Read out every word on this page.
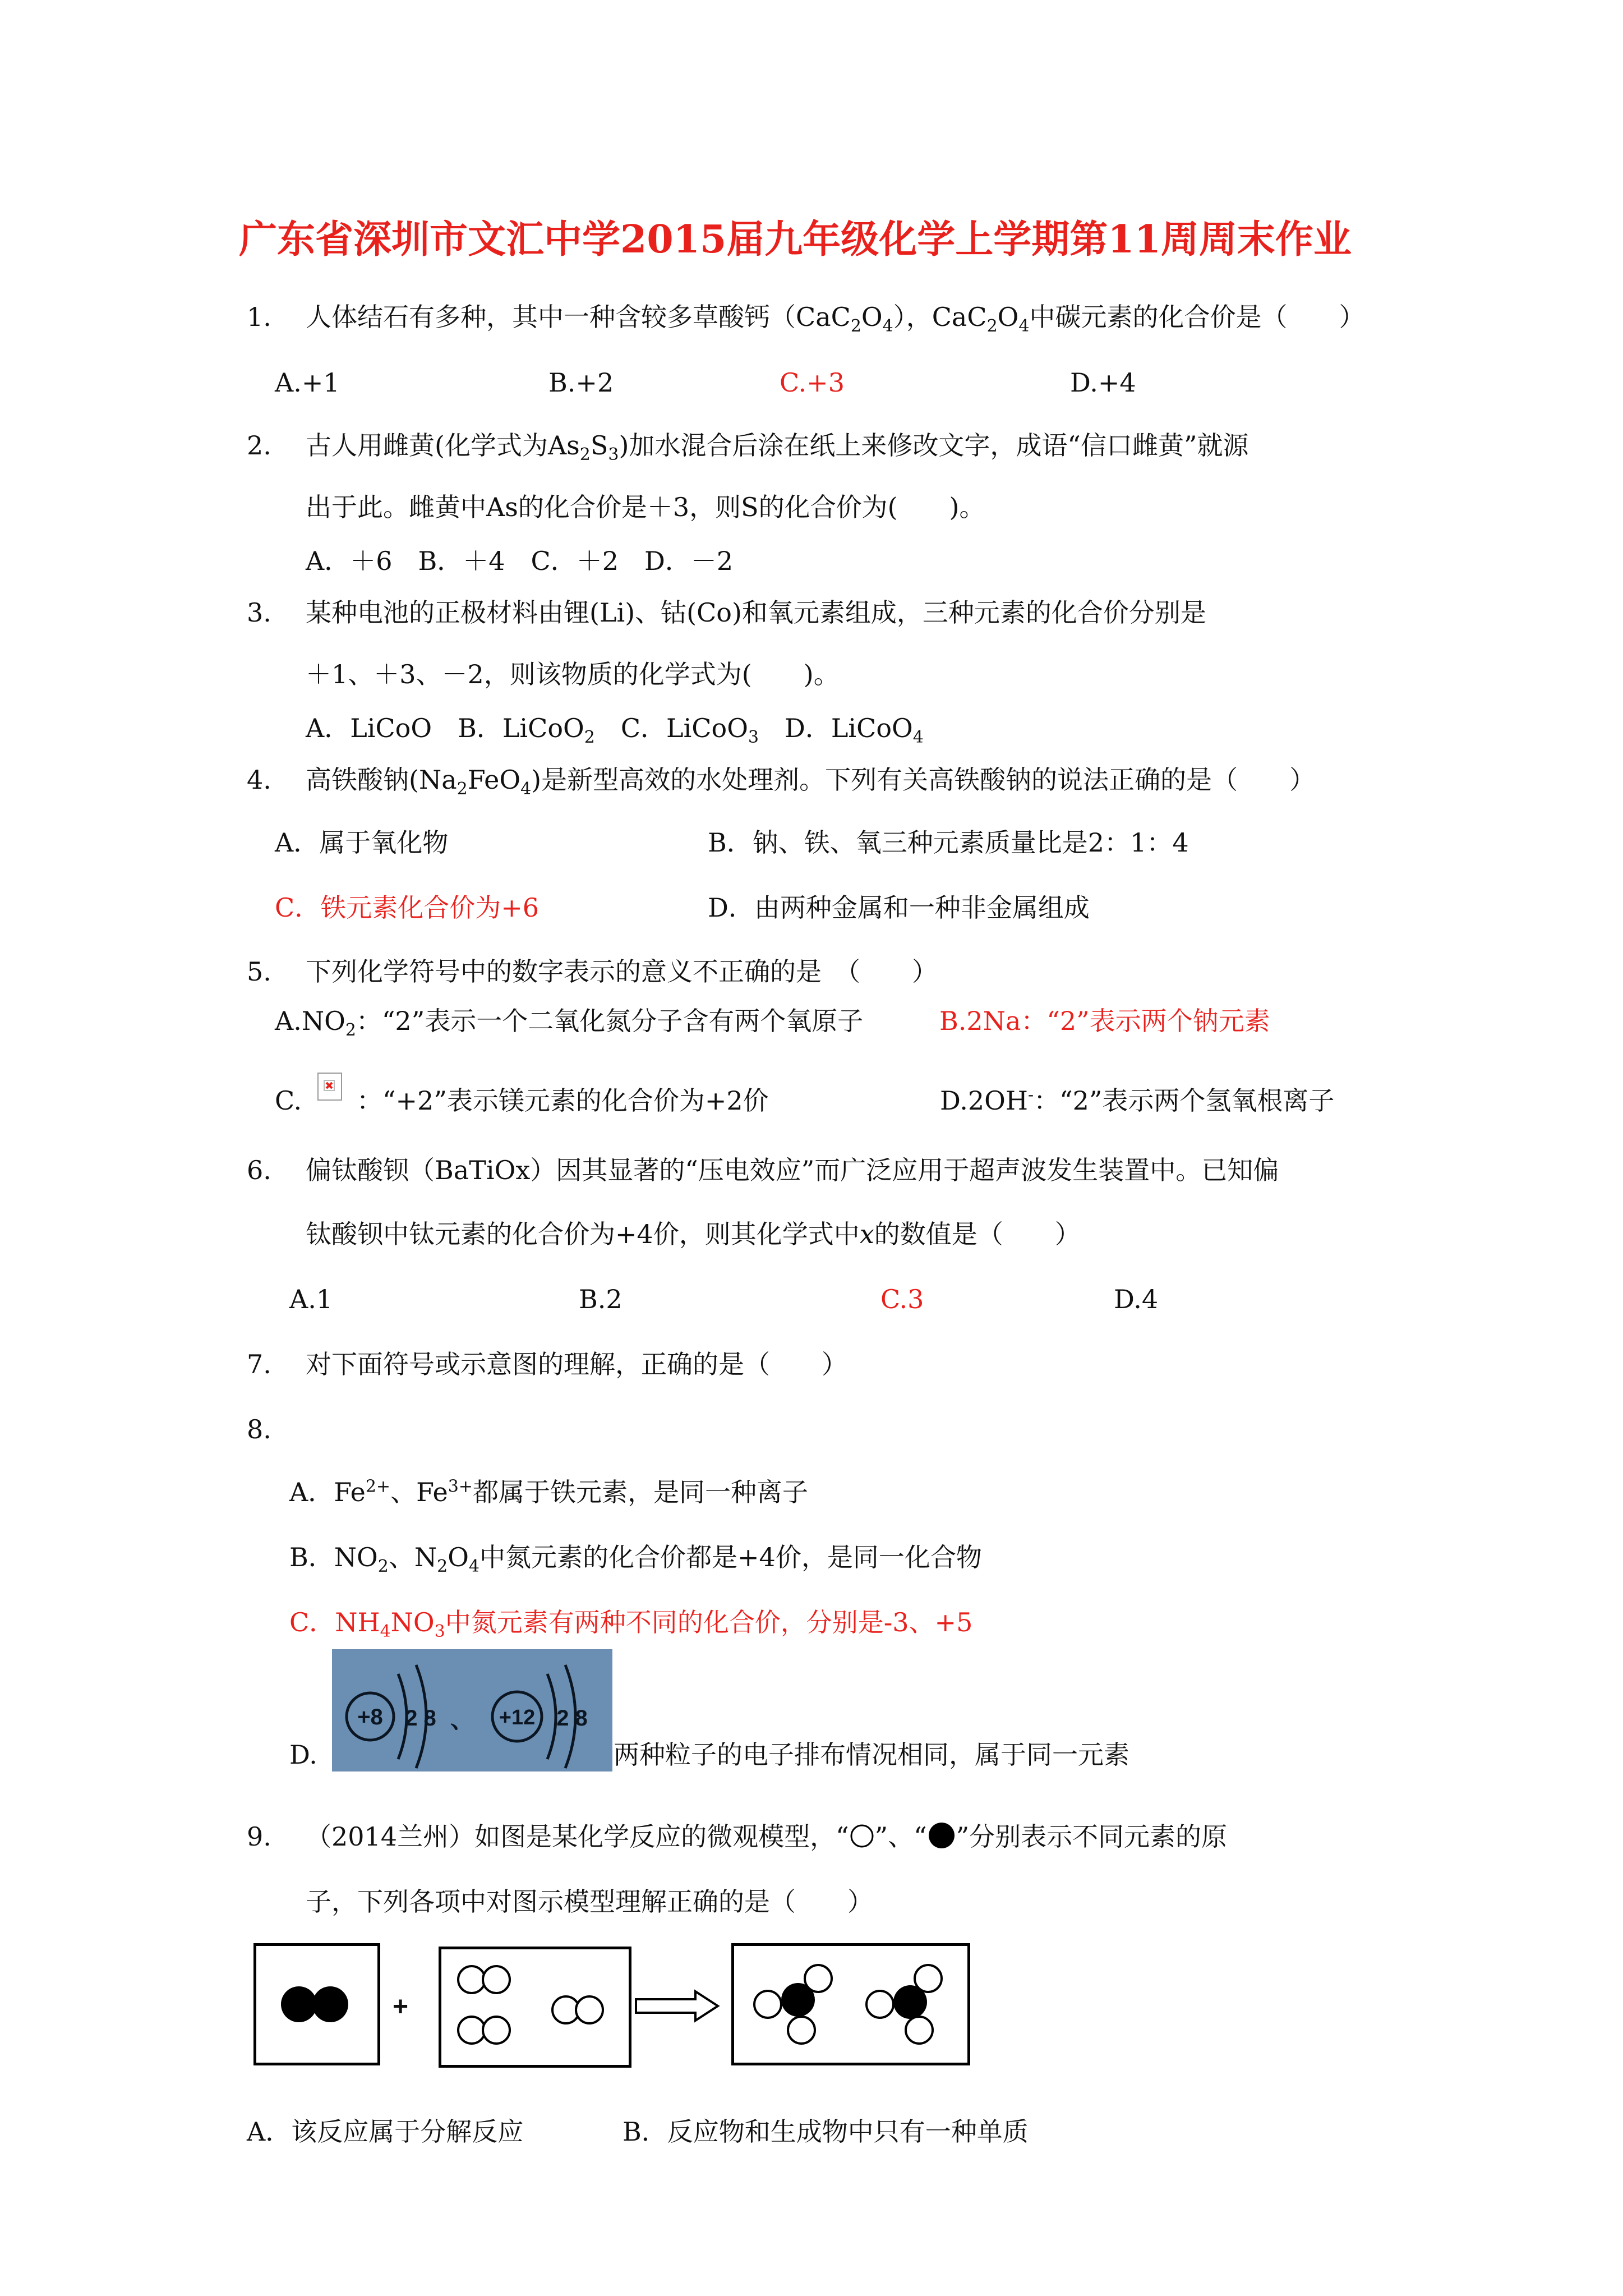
广东省深圳市文汇中学2015届九年级化学上学期第11周周末作业
1. 人体结石有多种，其中一种含较多草酸钙$(CaC_2O_4)$，$CaC_2O_4$中碳元素的化合价是（　　）
A.+1	B.+2	C.+3	D.+4
2. 古人用雌黄(化学式为$As_2S_3$)加水混合后涂在纸上来修改文字，成语“信口雌黄”就源
出于此。雌黄中As的化合价是＋3，则S的化合价为(　　)。
A．＋6　B．＋4　C．＋2　D．－2
3. 某种电池的正极材料由锂(Li)、钴(Co)和氧元素组成，三种元素的化合价分别是
＋1、＋3、－2，则该物质的化学式为(　　)。
A．LiCoO　B．LiCoO$_2$　C．LiCoO$_3$　D．LiCoO$_4$
4. 高铁酸钠$(Na_2FeO_4)$是新型高效的水处理剂。下列有关高铁酸钠的说法正确的是（　　）
A．属于氧化物	B．钠、铁、氧三种元素质量比是2：1：4
C．铁元素化合价为+6	D．由两种金属和一种非金属组成
5. 下列化学符号中的数字表示的意义不正确的是　（　　）
$A.NO_2$：“2”表示一个二氧化氮分子含有两个氧原子	B.2Na：“2”表示两个钠元素
C. ：“+2”表示镁元素的化合价为+2价	D.2OH-：“2”表示两个氢氧根离子
6. 偏钛酸钡（BaTiOx）因其显著的“压电效应”而广泛应用于超声波发生装置中。已知偏
钛酸钡中钛元素的化合价为+4价，则其化学式中x的数值是（　　）
A.1	B.2	C.3	D.4
7. 对下面符号或示意图的理解，正确的是（　　）
8.
A．$Fe^{2+}$、$Fe^{3+}$都属于铁元素，是同一种离子
B．$NO_2$、$N_2O_4$中氮元素的化合价都是+4价，是同一化合物
C．$NH_4NO_3$中氮元素有两种不同的化合价，分别是-3、+5
D.
+8 2 8 、 +12 2 8
两种粒子的电子排布情况相同，属于同一元素
9. （2014兰州）如图是某化学反应的微观模型，“ ”、“ ”分别表示不同元素的原
子，下列各项中对图示模型理解正确的是（　　）
+
A．该反应属于分解反应	B．反应物和生成物中只有一种单质
